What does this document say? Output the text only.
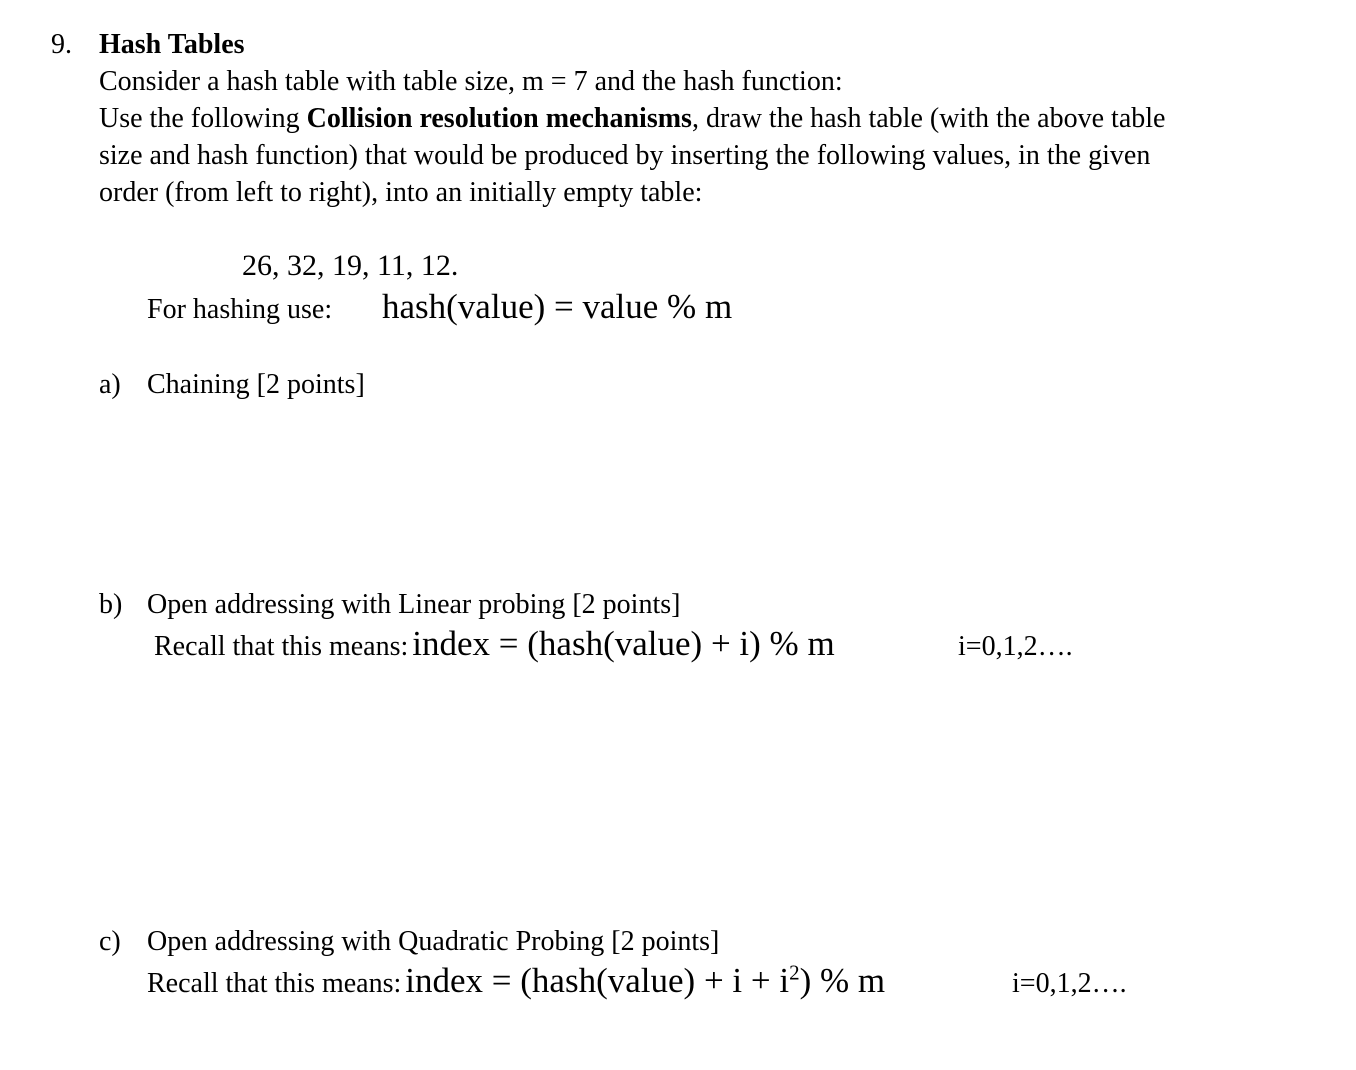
9. Hash Tables
Consider a hash table with table size, m = 7 and the hash function:
Use the following Collision resolution mechanisms, draw the hash table (with the above table
size and hash function) that would be produced by inserting the following values, in the given
order (from left to right), into an initially empty table:
26, 32, 19, 11, 12.
For hashing use: hash(value) = value % m
a) Chaining [2 points]
b) Open addressing with Linear probing [2 points]
Recall that this means: index = (hash(value) + i) % m	i=0,1,2….
c) Open addressing with Quadratic Probing [2 points]
Recall that this means: index = (hash(value) + $i + i^2$) % m	i=0,1,2….
